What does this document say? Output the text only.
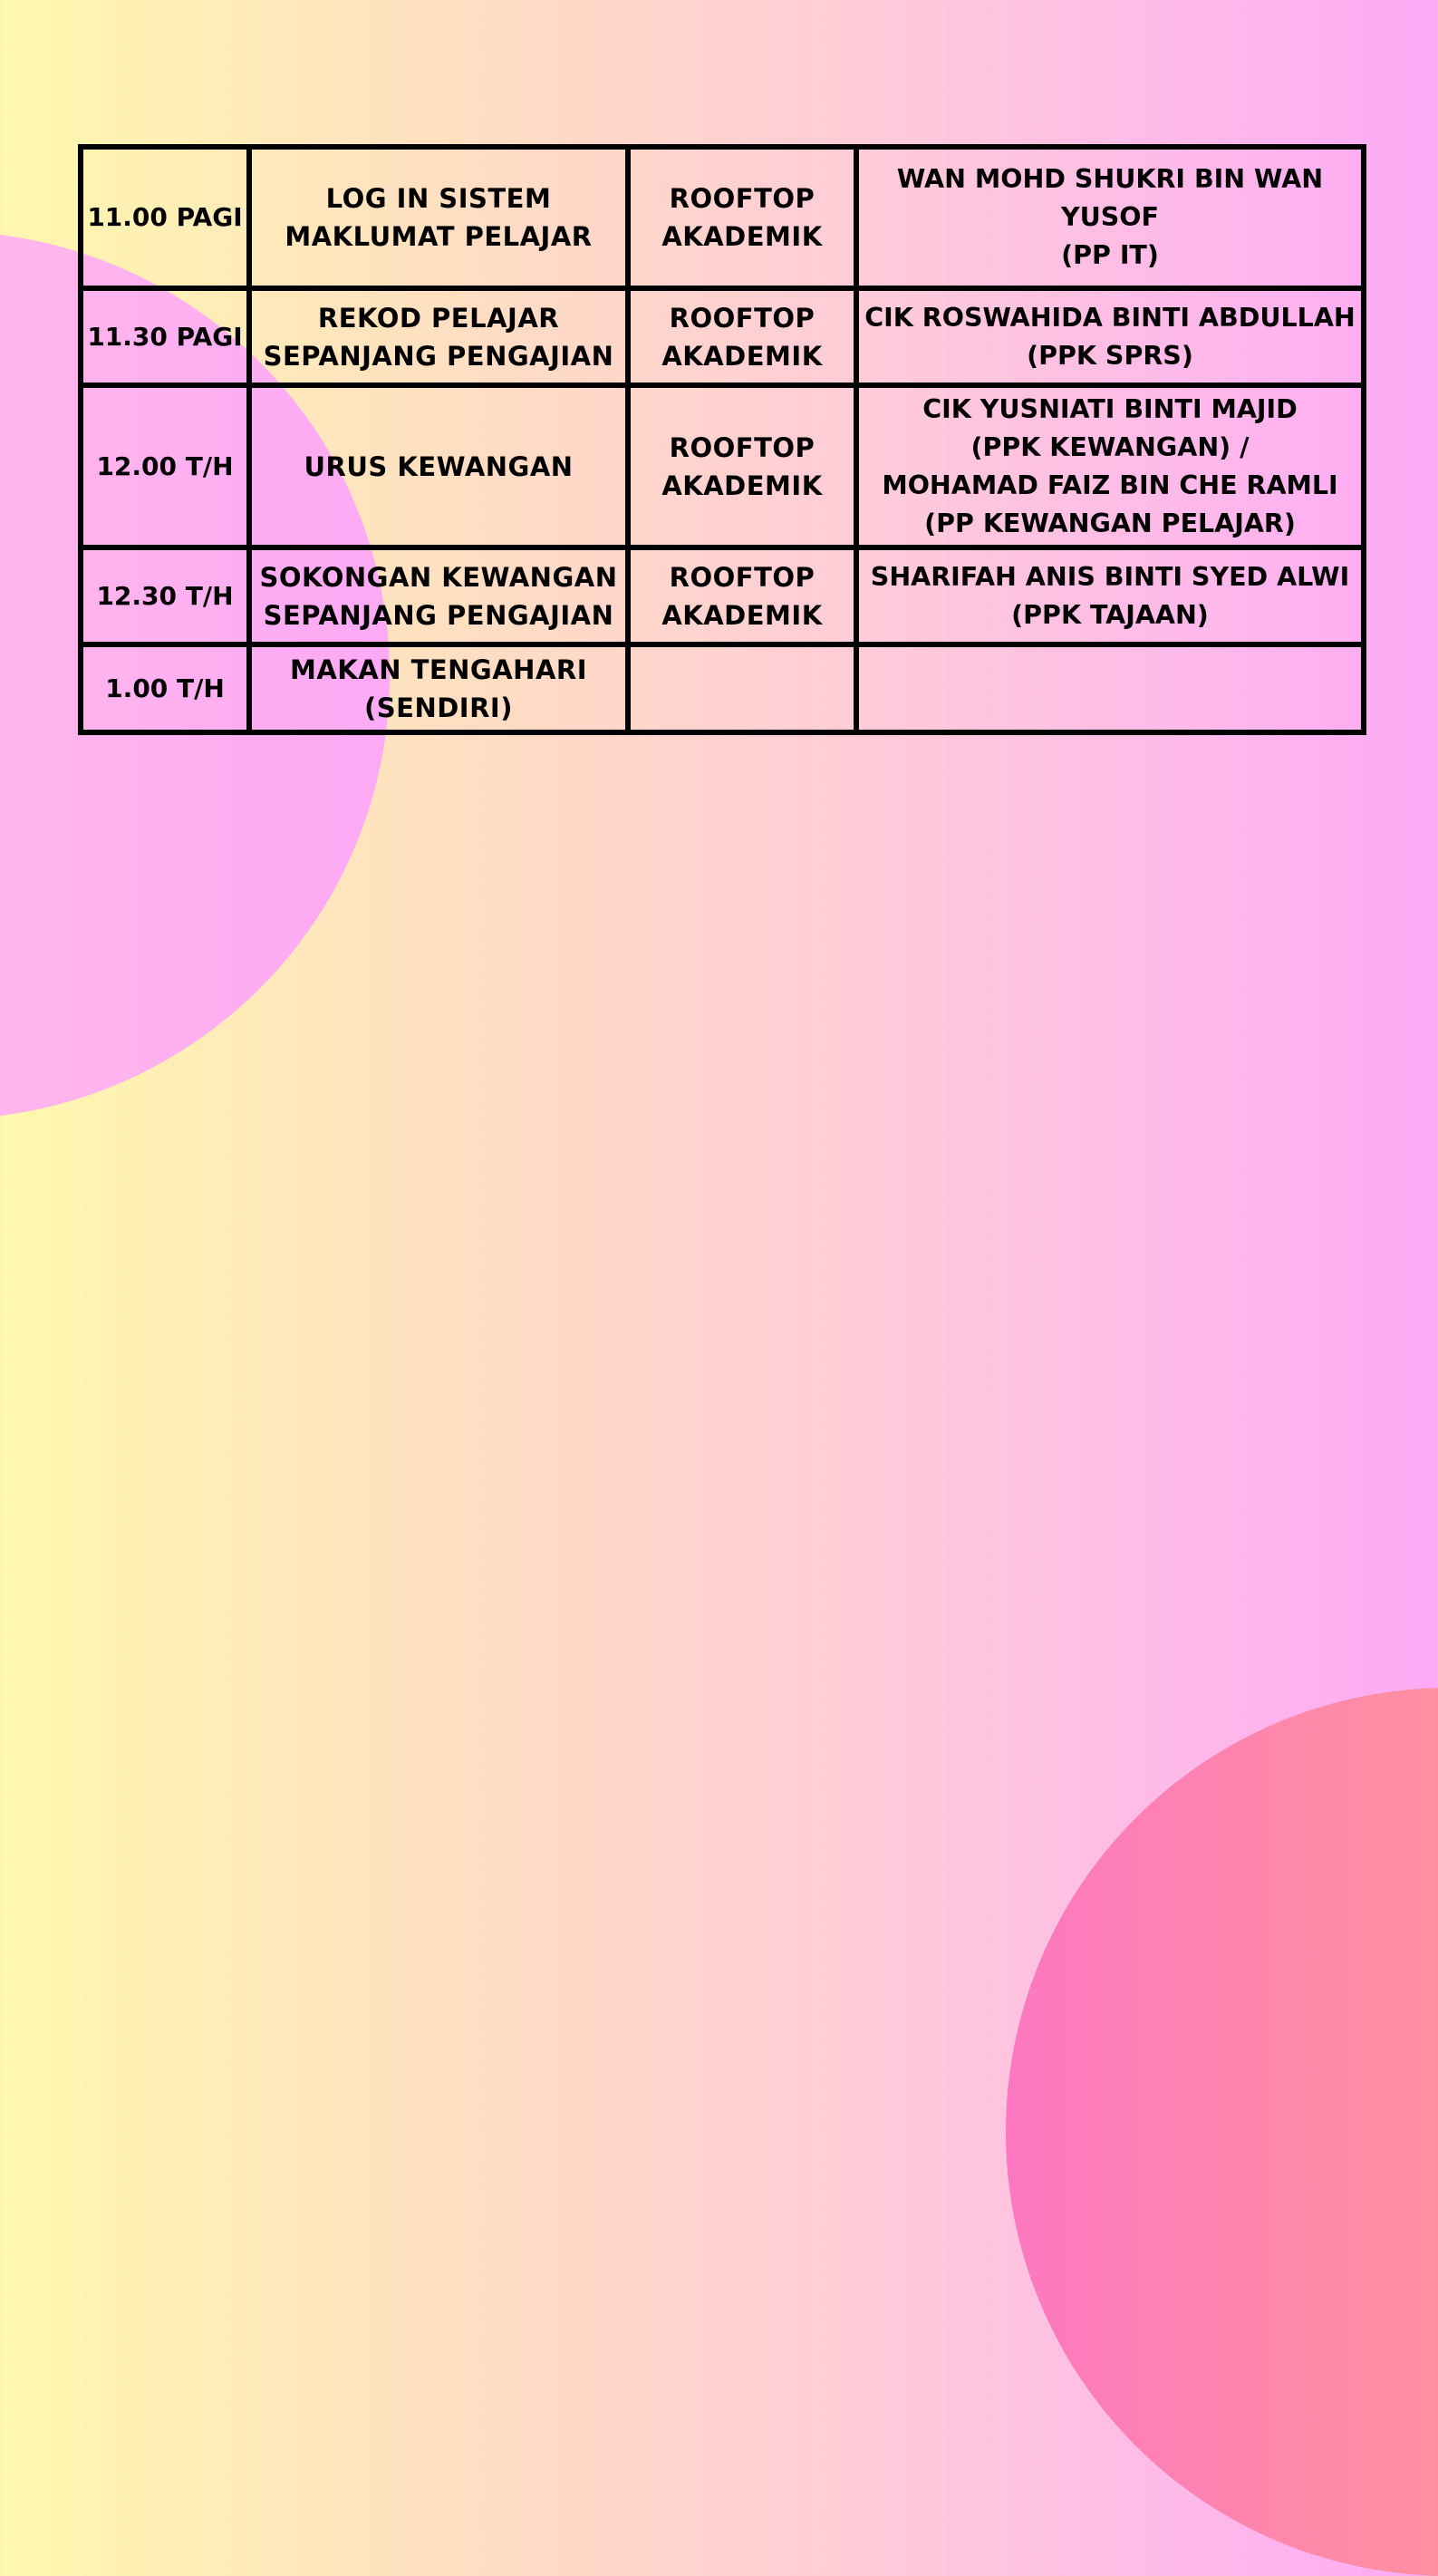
11.00 PAGI	LOG IN SISTEM
MAKLUMAT PELAJAR	ROOFTOP
AKADEMIK	WAN MOHD SHUKRI BIN WAN
YUSOF
(PP IT)

11.30 PAGI	REKOD PELAJAR
SEPANJANG PENGAJIAN	ROOFTOP
AKADEMIK	CIK ROSWAHIDA BINTI ABDULLAH
(PPK SPRS)

12.00 T/H	URUS KEWANGAN	ROOFTOP
AKADEMIK	CIK YUSNIATI BINTI MAJID
(PPK KEWANGAN) /
MOHAMAD FAIZ BIN CHE RAMLI
(PP KEWANGAN PELAJAR)

12.30 T/H	SOKONGAN KEWANGAN
SEPANJANG PENGAJIAN	ROOFTOP
AKADEMIK	SHARIFAH ANIS BINTI SYED ALWI
(PPK TAJAAN)

1.00 T/H	MAKAN TENGAHARI
(SENDIRI)		
